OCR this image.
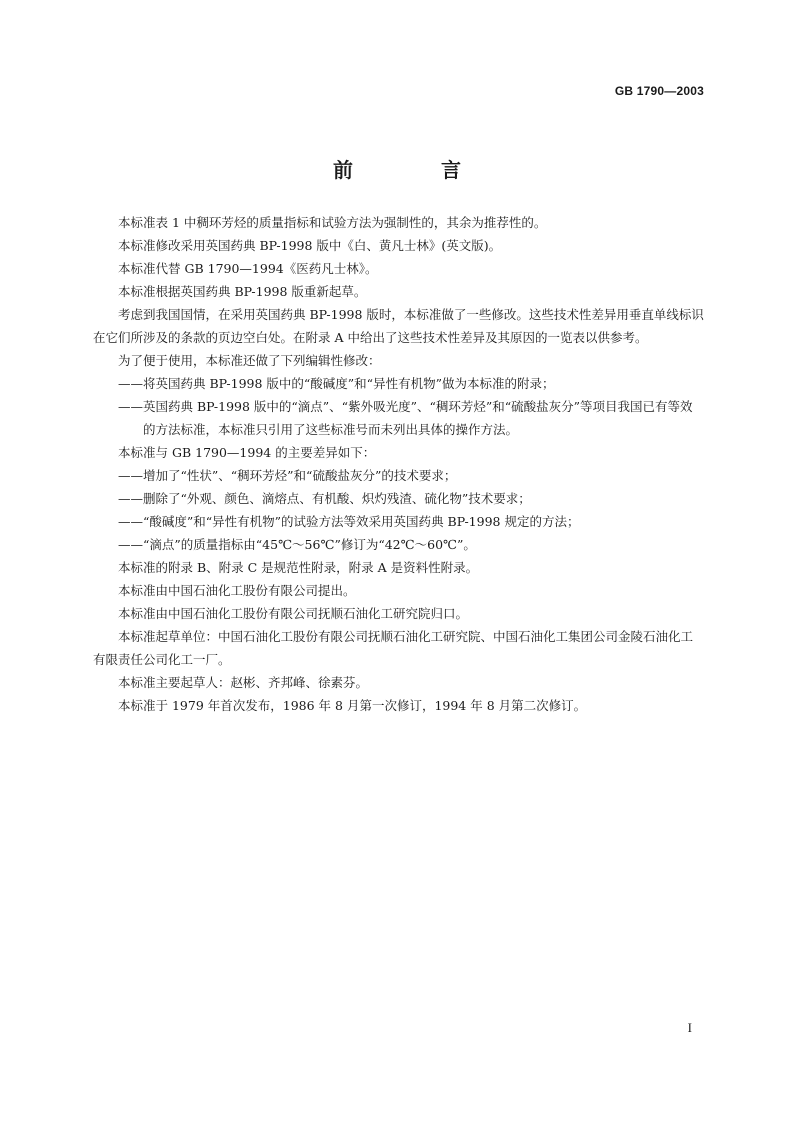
GB 1790—2003
前　言

本标准表 1 中稠环芳烃的质量指标和试验方法为强制性的，其余为推荐性的。

本标准修改采用英国药典 BP-1998 版中《白、黄凡士林》(英文版)。

本标准代替 GB 1790—1994《医药凡士林》。

本标准根据英国药典 BP-1998 版重新起草。

考虑到我国国情，在采用英国药典 BP-1998 版时，本标准做了一些修改。这些技术性差异用垂直单线标识在它们所涉及的条款的页边空白处。在附录 A 中给出了这些技术性差异及其原因的一览表以供参考。

为了便于使用，本标准还做了下列编辑性修改：

——将英国药典 BP-1998 版中的“酸碱度”和“异性有机物”做为本标准的附录；

——英国药典 BP-1998 版中的“滴点”、“紫外吸光度”、“稠环芳烃”和“硫酸盐灰分”等项目我国已有等效的方法标准，本标准只引用了这些标准号而未列出具体的操作方法。

本标准与 GB 1790—1994 的主要差异如下：

——增加了“性状”、“稠环芳烃”和“硫酸盐灰分”的技术要求；

——删除了“外观、颜色、滴熔点、有机酸、炽灼残渣、硫化物”技术要求；

——“酸碱度”和“异性有机物”的试验方法等效采用英国药典 BP-1998 规定的方法；

——“滴点”的质量指标由“45℃～56℃”修订为“42℃～60℃”。

本标准的附录 B、附录 C 是规范性附录，附录 A 是资料性附录。

本标准由中国石油化工股份有限公司提出。

本标准由中国石油化工股份有限公司抚顺石油化工研究院归口。

本标准起草单位：中国石油化工股份有限公司抚顺石油化工研究院、中国石油化工集团公司金陵石油化工有限责任公司化工一厂。

本标准主要起草人：赵彬、齐邦峰、徐素芬。

本标准于 1979 年首次发布，1986 年 8 月第一次修订，1994 年 8 月第二次修订。

I
